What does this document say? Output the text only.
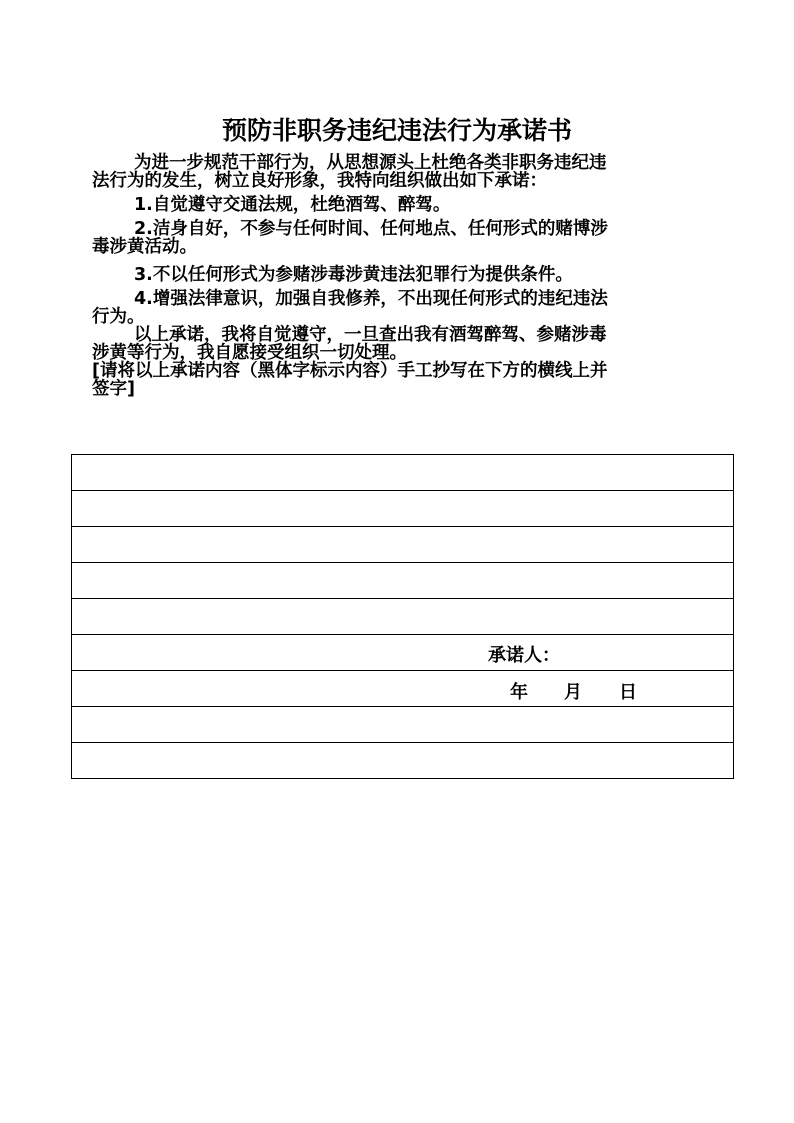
预防非职务违纪违法行为承诺书

为进一步规范干部行为，从思想源头上杜绝各类非职务违纪违
法行为的发生，树立良好形象，我特向组织做出如下承诺：

1.自觉遵守交通法规，杜绝酒驾、醉驾。

2.洁身自好，不参与任何时间、任何地点、任何形式的赌博涉
毒涉黄活动。

3.不以任何形式为参赌涉毒涉黄违法犯罪行为提供条件。

4.增强法律意识，加强自我修养，不出现任何形式的违纪违法
行为。

以上承诺，我将自觉遵守，一旦查出我有酒驾醉驾、参赌涉毒
涉黄等行为，我自愿接受组织一切处理。

[请将以上承诺内容（黑体字标示内容）手工抄写在下方的横线上并
签字]

承诺人：

年 月 日
